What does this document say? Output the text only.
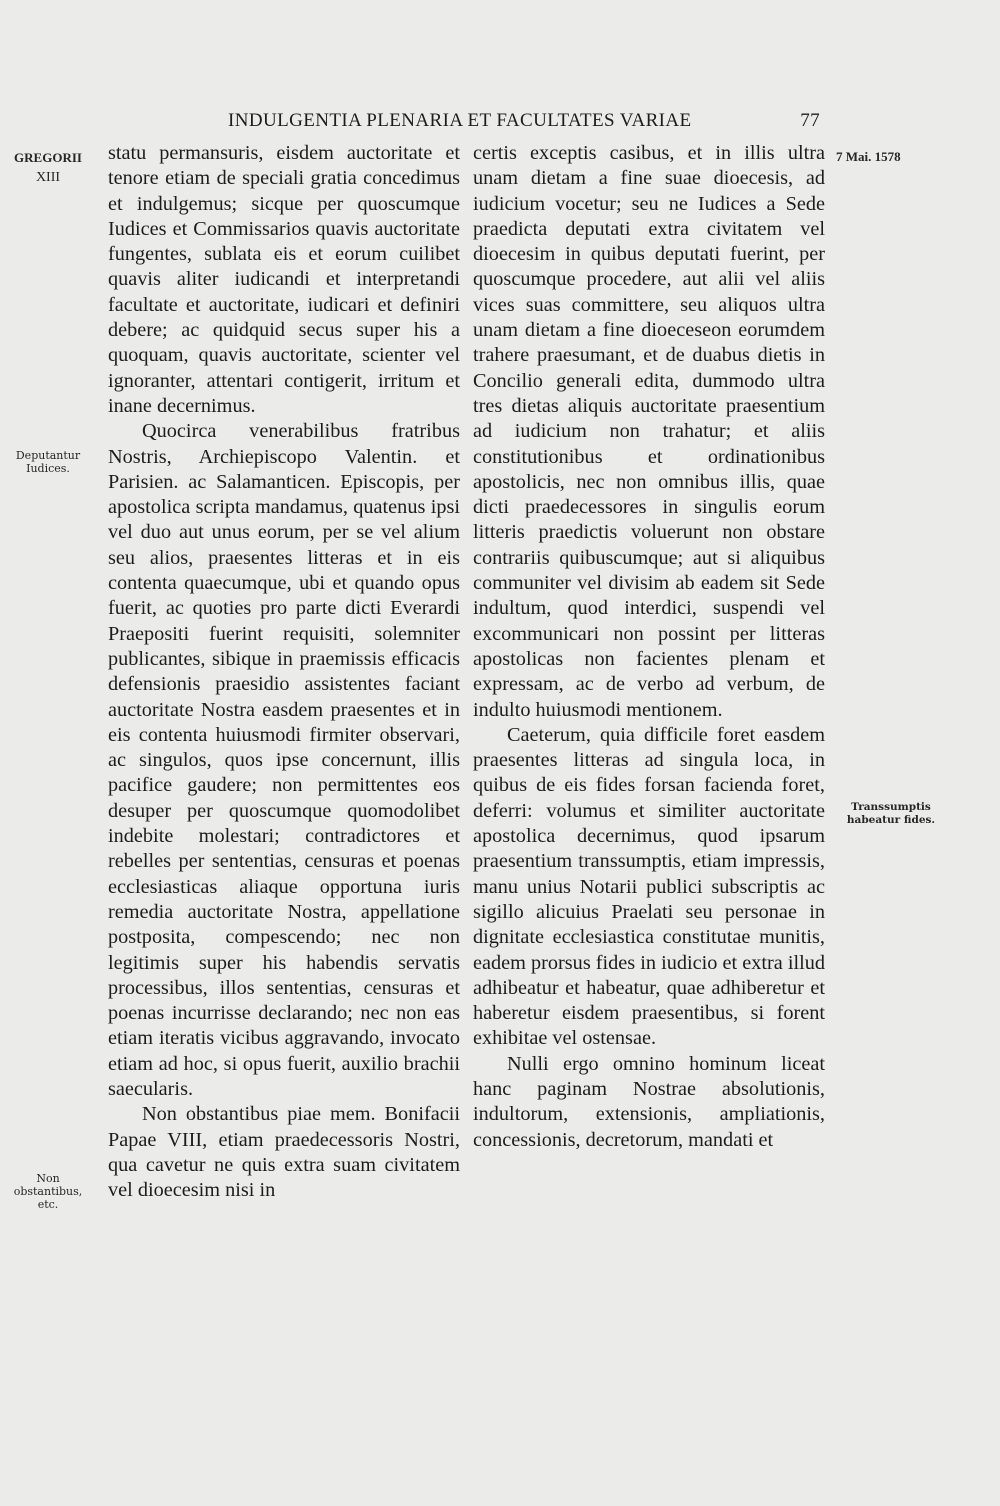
INDULGENTIA PLENARIA ET FACULTATES VARIAE	77
GREGORII
XIII
7 Mai. 1578
Deputantur Iudices.
Non obstantibus, etc.
Transsumptis habeatur fides.

statu permansuris, eisdem auctoritate et tenore etiam de speciali gratia concedimus et indulgemus; sicque per quoscumque Iudices et Commissarios quavis auctoritate fungentes, sublata eis et eorum cuilibet quavis aliter iudicandi et interpretandi facultate et auctoritate, iudicari et definiri debere; ac quidquid secus super his a quoquam, quavis auctoritate, scienter vel ignoranter, attentari contigerit, irritum et inane decernimus.

Quocirca venerabilibus fratribus Nostris, Archiepiscopo Valentin. et Parisien. ac Salamanticen. Episcopis, per apostolica scripta mandamus, quatenus ipsi vel duo aut unus eorum, per se vel alium seu alios, praesentes litteras et in eis contenta quaecumque, ubi et quando opus fuerit, ac quoties pro parte dicti Everardi Praepositi fuerint requisiti, solemniter publicantes, sibique in praemissis efficacis defensionis praesidio assistentes faciant auctoritate Nostra easdem praesentes et in eis contenta huiusmodi firmiter observari, ac singulos, quos ipse concernunt, illis pacifice gaudere; non permittentes eos desuper per quoscumque quomodolibet indebite molestari; contradictores et rebelles per sententias, censuras et poenas ecclesiasticas aliaque opportuna iuris remedia auctoritate Nostra, appellatione postposita, compescendo; nec non legitimis super his habendis servatis processibus, illos sententias, censuras et poenas incurrisse declarando; nec non eas etiam iteratis vicibus aggravando, invocato etiam ad hoc, si opus fuerit, auxilio brachii saecularis.

Non obstantibus piae mem. Bonifacii Papae VIII, etiam praedecessoris Nostri, qua cavetur ne quis extra suam civitatem vel dioecesim nisi in

certis exceptis casibus, et in illis ultra unam dietam a fine suae dioecesis, ad iudicium vocetur; seu ne Iudices a Sede praedicta deputati extra civitatem vel dioecesim in quibus deputati fuerint, per quoscumque procedere, aut alii vel aliis vices suas committere, seu aliquos ultra unam dietam a fine dioeceseon eorumdem trahere praesumant, et de duabus dietis in Concilio generali edita, dummodo ultra tres dietas aliquis auctoritate praesentium ad iudicium non trahatur; et aliis constitutionibus et ordinationibus apostolicis, nec non omnibus illis, quae dicti praedecessores in singulis eorum litteris praedictis voluerunt non obstare contrariis quibuscumque; aut si aliquibus communiter vel divisim ab eadem sit Sede indultum, quod interdici, suspendi vel excommunicari non possint per litteras apostolicas non facientes plenam et expressam, ac de verbo ad verbum, de indulto huiusmodi mentionem.

Caeterum, quia difficile foret easdem praesentes litteras ad singula loca, in quibus de eis fides forsan facienda foret, deferri: volumus et similiter auctoritate apostolica decernimus, quod ipsarum praesentium transsumptis, etiam impressis, manu unius Notarii publici subscriptis ac sigillo alicuius Praelati seu personae in dignitate ecclesiastica constitutae munitis, eadem prorsus fides in iudicio et extra illud adhibeatur et habeatur, quae adhiberetur et haberetur eisdem praesentibus, si forent exhibitae vel ostensae.

Nulli ergo omnino hominum liceat hanc paginam Nostrae absolutionis, indultorum, extensionis, ampliationis, concessionis, decretorum, mandati et
